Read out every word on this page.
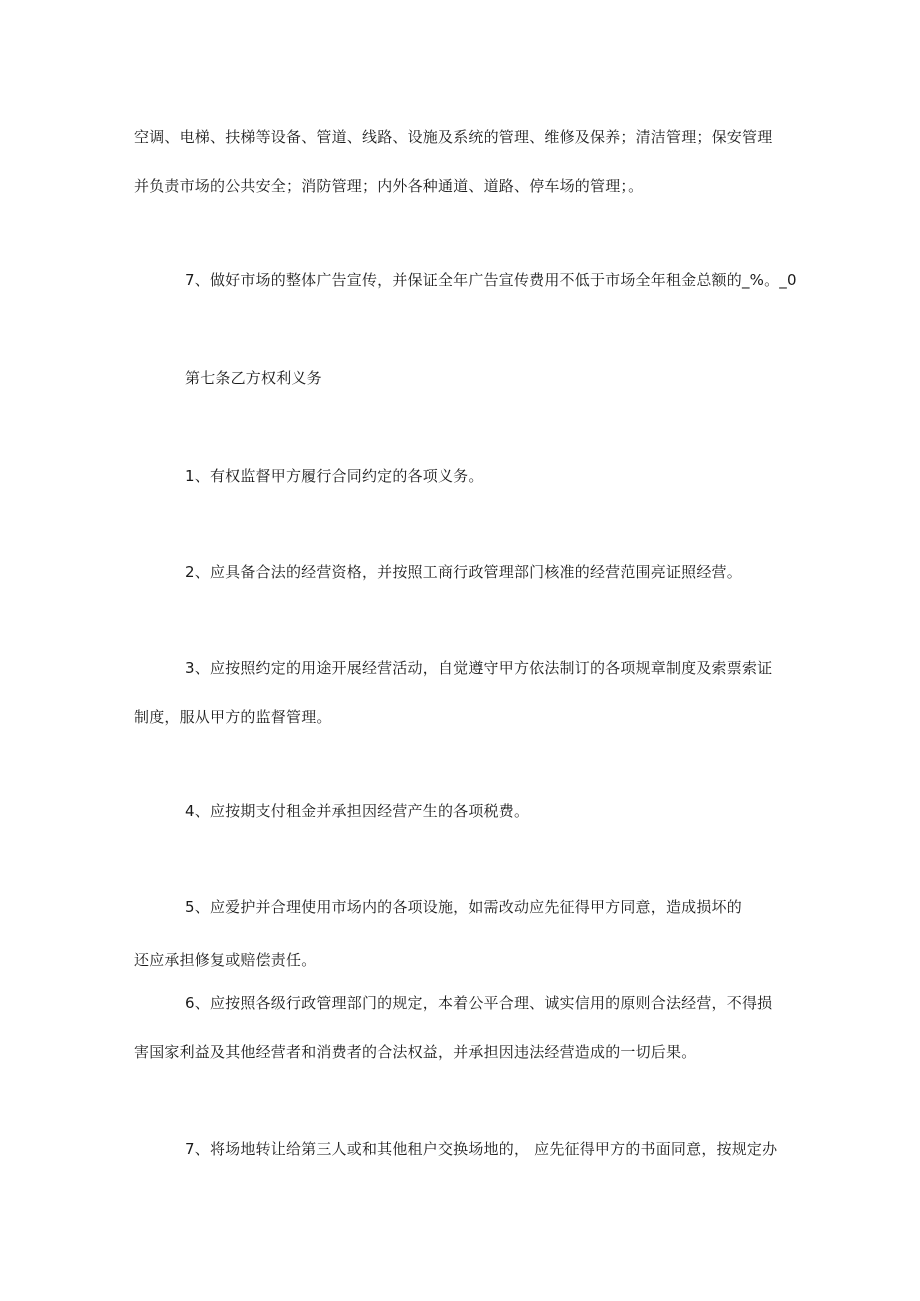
空调、电梯、扶梯等设备、管道、线路、设施及系统的管理、维修及保养；清洁管理；保安管理
并负责市场的公共安全；消防管理；内外各种通道、道路、停车场的管理；。
7、做好市场的整体广告宣传，并保证全年广告宣传费用不低于市场全年租金总额的_%。_0
第七条乙方权利义务
1、有权监督甲方履行合同约定的各项义务。
2、应具备合法的经营资格，并按照工商行政管理部门核准的经营范围亮证照经营。
3、应按照约定的用途开展经营活动，自觉遵守甲方依法制订的各项规章制度及索票索证
制度，服从甲方的监督管理。
4、应按期支付租金并承担因经营产生的各项税费。
5、应爱护并合理使用市场内的各项设施，如需改动应先征得甲方同意，造成损坏的
还应承担修复或赔偿责任。
6、应按照各级行政管理部门的规定，本着公平合理、诚实信用的原则合法经营，不得损
害国家利益及其他经营者和消费者的合法权益，并承担因违法经营造成的一切后果。
7、将场地转让给第三人或和其他租户交换场地的， 应先征得甲方的书面同意，按规定办
